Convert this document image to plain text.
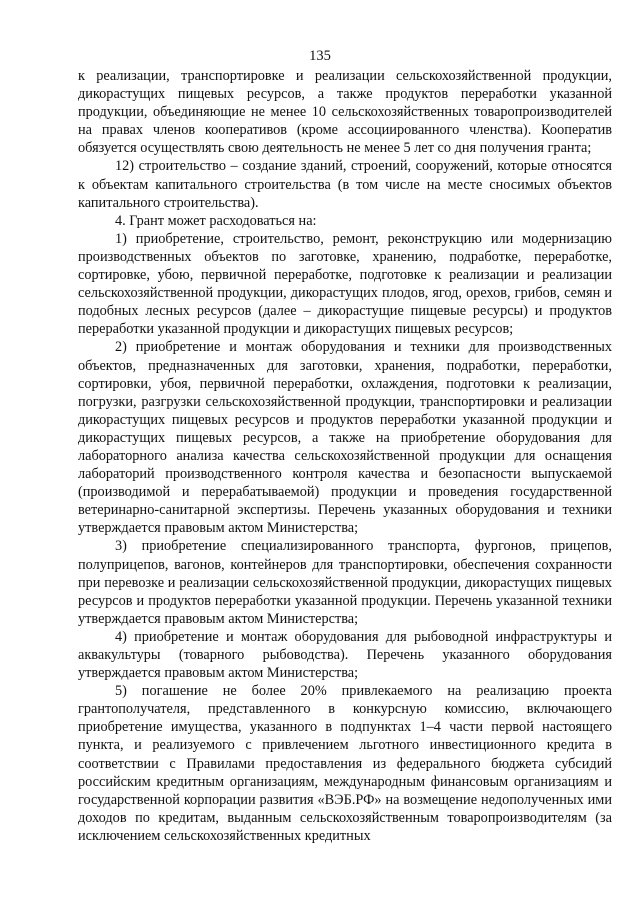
135

к реализации, транспортировке и реализации сельскохозяйственной продукции, дикорастущих пищевых ресурсов, а также продуктов переработки указанной продукции, объединяющие не менее 10 сельскохозяйственных товаропроизводителей на правах членов кооперативов (кроме ассоциированного членства). Кооператив обязуется осуществлять свою деятельность не менее 5 лет со дня получения гранта;

12) строительство – создание зданий, строений, сооружений, которые относятся к объектам капитального строительства (в том числе на месте сносимых объектов капитального строительства).

4. Грант может расходоваться на:

1) приобретение, строительство, ремонт, реконструкцию или модернизацию производственных объектов по заготовке, хранению, подработке, переработке, сортировке, убою, первичной переработке, подготовке к реализации и реализации сельскохозяйственной продукции, дикорастущих плодов, ягод, орехов, грибов, семян и подобных лесных ресурсов (далее – дикорастущие пищевые ресурсы) и продуктов переработки указанной продукции и дикорастущих пищевых ресурсов;

2) приобретение и монтаж оборудования и техники для производственных объектов, предназначенных для заготовки, хранения, подработки, переработки, сортировки, убоя, первичной переработки, охлаждения, подготовки к реализации, погрузки, разгрузки сельскохозяйственной продукции, транспортировки и реализации дикорастущих пищевых ресурсов и продуктов переработки указанной продукции и дикорастущих пищевых ресурсов, а также на приобретение оборудования для лабораторного анализа качества сельскохозяйственной продукции для оснащения лабораторий производственного контроля качества и безопасности выпускаемой (производимой и перерабатываемой) продукции и проведения государственной ветеринарно-санитарной экспертизы. Перечень указанных оборудования и техники утверждается правовым актом Министерства;

3) приобретение специализированного транспорта, фургонов, прицепов, полуприцепов, вагонов, контейнеров для транспортировки, обеспечения сохранности при перевозке и реализации сельскохозяйственной продукции, дикорастущих пищевых ресурсов и продуктов переработки указанной продукции. Перечень указанной техники утверждается правовым актом Министерства;

4) приобретение и монтаж оборудования для рыбоводной инфраструктуры и аквакультуры (товарного рыбоводства). Перечень указанного оборудования утверждается правовым актом Министерства;

5) погашение не более 20% привлекаемого на реализацию проекта грантополучателя, представленного в конкурсную комиссию, включающего приобретение имущества, указанного в подпунктах 1–4 части первой настоящего пункта, и реализуемого с привлечением льготного инвестиционного кредита в соответствии с Правилами предоставления из федерального бюджета субсидий российским кредитным организациям, международным финансовым организациям и государственной корпорации развития «ВЭБ.РФ» на возмещение недополученных ими доходов по кредитам, выданным сельскохозяйственным товаропроизводителям (за исключением сельскохозяйственных кредитных
